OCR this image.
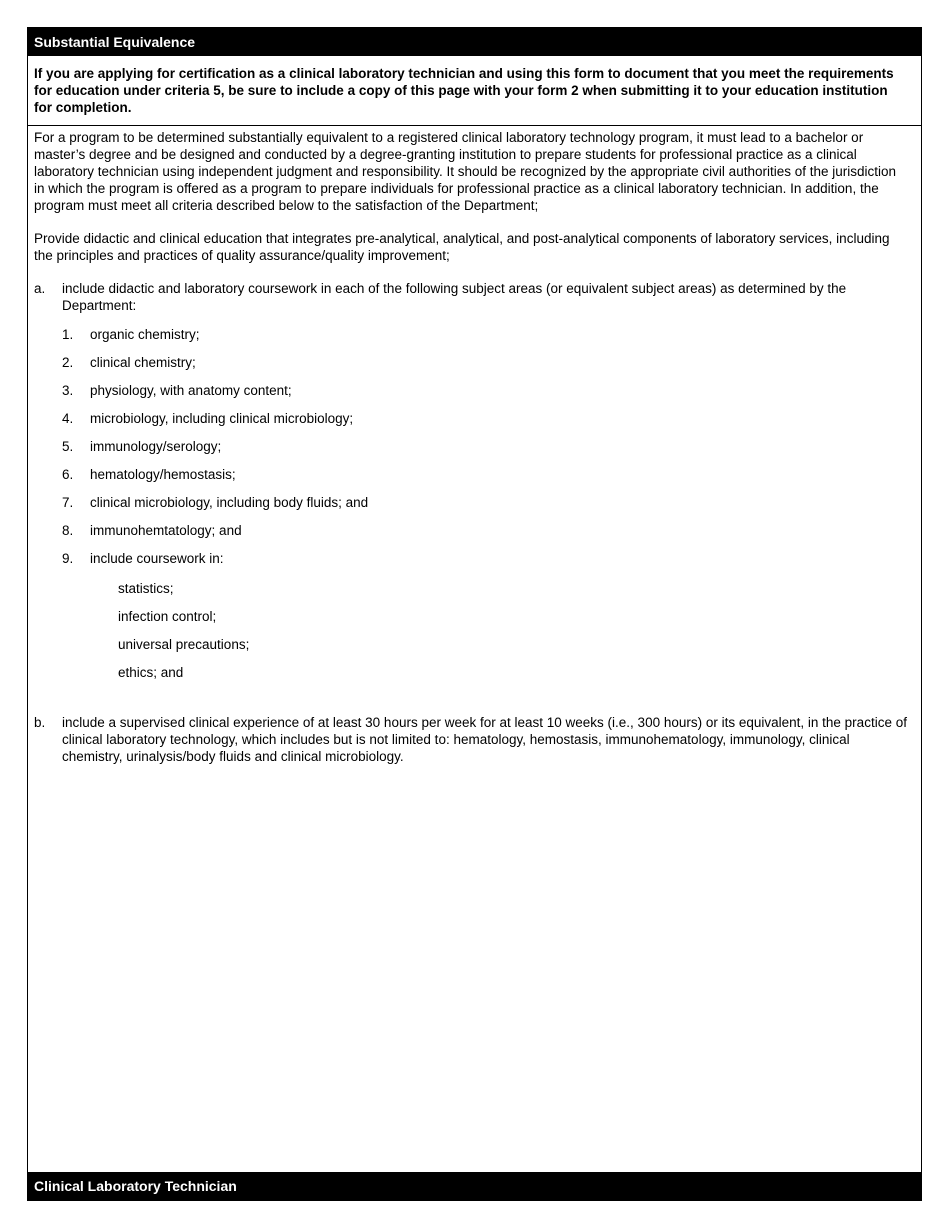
Substantial Equivalence
If you are applying for certification as a clinical laboratory technician and using this form to document that you meet the requirements for education under criteria 5, be sure to include a copy of this page with your form 2 when submitting it to your education institution for completion.

For a program to be determined substantially equivalent to a registered clinical laboratory technology program, it must lead to a bachelor or master’s degree and be designed and conducted by a degree-granting institution to prepare students for professional practice as a clinical laboratory technician using independent judgment and responsibility. It should be recognized by the appropriate civil authorities of the jurisdiction in which the program is offered as a program to prepare individuals for professional practice as a clinical laboratory technician. In addition, the program must meet all criteria described below to the satisfaction of the Department;

Provide didactic and clinical education that integrates pre-analytical, analytical, and post-analytical components of laboratory services, including the principles and practices of quality assurance/quality improvement;

a.	include didactic and laboratory coursework in each of the following subject areas (or equivalent subject areas) as determined by the Department:
1.	organic chemistry;
2.	clinical chemistry;
3.	physiology, with anatomy content;
4.	microbiology, including clinical microbiology;
5.	immunology/serology;
6.	hematology/hemostasis;
7.	clinical microbiology, including body fluids; and
8.	immunohemtatology; and
9.	include coursework in:
statistics;
infection control;
universal precautions;
ethics; and
b.	include a supervised clinical experience of at least 30 hours per week for at least 10 weeks (i.e., 300 hours) or its equivalent, in the practice of clinical laboratory technology, which includes but is not limited to: hematology, hemostasis, immunohematology, immunology, clinical chemistry, urinalysis/body fluids and clinical microbiology.
Clinical Laboratory Technician
